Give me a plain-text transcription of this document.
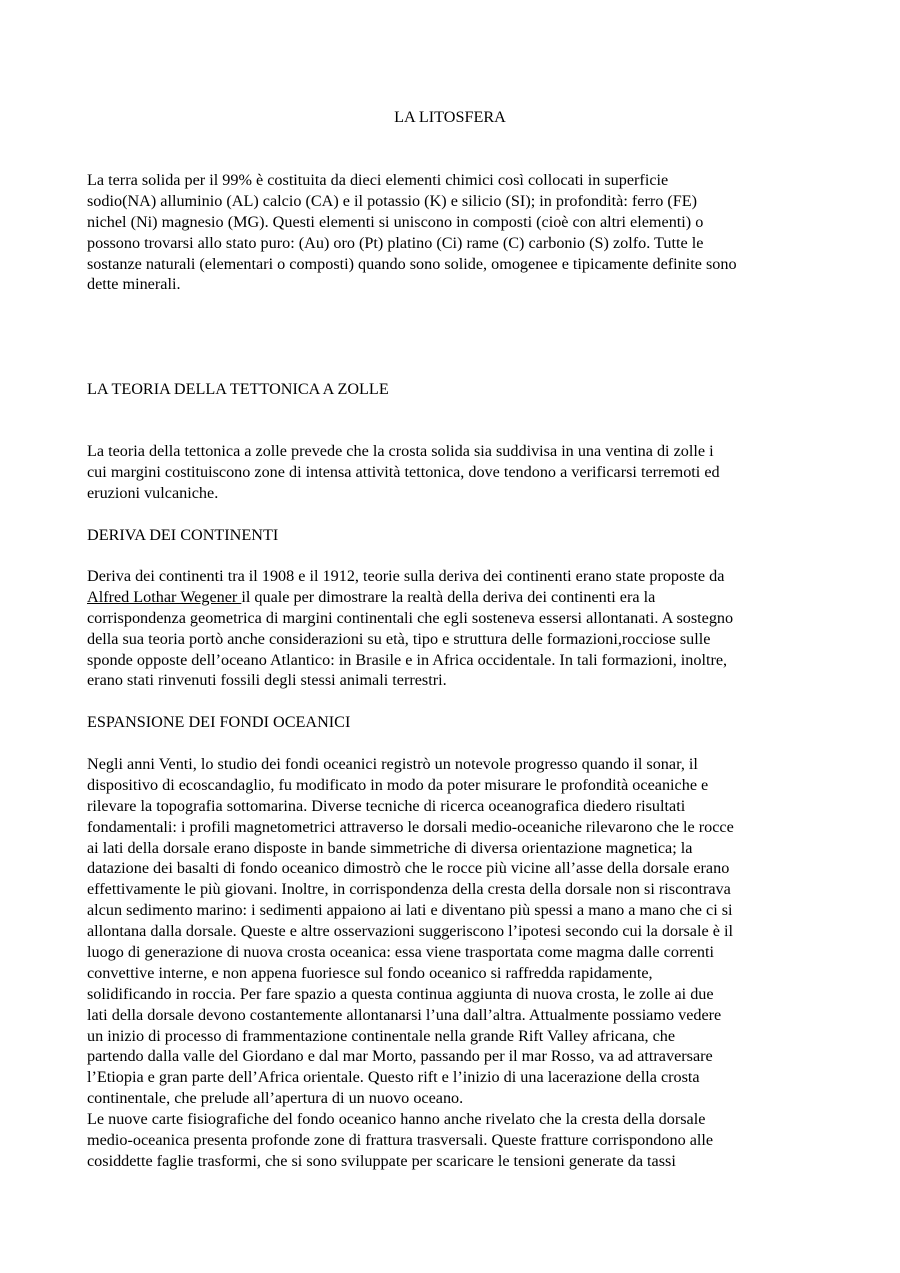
LA LITOSFERA

La terra solida per il 99% è costituita da dieci elementi chimici così collocati in superficie
sodio(NA) alluminio (AL) calcio (CA) e il potassio (K) e silicio (SI); in profondità: ferro (FE)
nichel (Ni) magnesio (MG). Questi elementi si uniscono in composti (cioè con altri elementi) o
possono trovarsi allo stato puro: (Au) oro (Pt) platino (Ci) rame (C) carbonio (S) zolfo. Tutte le
sostanze naturali (elementari o composti) quando sono solide, omogenee e tipicamente definite sono
dette minerali.

LA TEORIA DELLA TETTONICA A ZOLLE

La teoria della tettonica a zolle prevede che la crosta solida sia suddivisa in una ventina di zolle i
cui margini costituiscono zone di intensa attività tettonica, dove tendono a verificarsi terremoti ed
eruzioni vulcaniche.

DERIVA DEI CONTINENTI

Deriva dei continenti tra il 1908 e il 1912, teorie sulla deriva dei continenti erano state proposte da
Alfred Lothar Wegener il quale per dimostrare la realtà della deriva dei continenti era la
corrispondenza geometrica di margini continentali che egli sosteneva essersi allontanati. A sostegno
della sua teoria portò anche considerazioni su età, tipo e struttura delle formazioni,rocciose sulle
sponde opposte dell’oceano Atlantico: in Brasile e in Africa occidentale. In tali formazioni, inoltre,
erano stati rinvenuti fossili degli stessi animali terrestri.

ESPANSIONE DEI FONDI OCEANICI

Negli anni Venti, lo studio dei fondi oceanici registrò un notevole progresso quando il sonar, il
dispositivo di ecoscandaglio, fu modificato in modo da poter misurare le profondità oceaniche e
rilevare la topografia sottomarina. Diverse tecniche di ricerca oceanografica diedero risultati
fondamentali: i profili magnetometrici attraverso le dorsali medio-oceaniche rilevarono che le rocce
ai lati della dorsale erano disposte in bande simmetriche di diversa orientazione magnetica; la
datazione dei basalti di fondo oceanico dimostrò che le rocce più vicine all’asse della dorsale erano
effettivamente le più giovani. Inoltre, in corrispondenza della cresta della dorsale non si riscontrava
alcun sedimento marino: i sedimenti appaiono ai lati e diventano più spessi a mano a mano che ci si
allontana dalla dorsale. Queste e altre osservazioni suggeriscono l’ipotesi secondo cui la dorsale è il
luogo di generazione di nuova crosta oceanica: essa viene trasportata come magma dalle correnti
convettive interne, e non appena fuoriesce sul fondo oceanico si raffredda rapidamente,
solidificando in roccia. Per fare spazio a questa continua aggiunta di nuova crosta, le zolle ai due
lati della dorsale devono costantemente allontanarsi l’una dall’altra. Attualmente possiamo vedere
un inizio di processo di frammentazione continentale nella grande Rift Valley africana, che
partendo dalla valle del Giordano e dal mar Morto, passando per il mar Rosso, va ad attraversare
l’Etiopia e gran parte dell’Africa orientale. Questo rift e l’inizio di una lacerazione della crosta
continentale, che prelude all’apertura di un nuovo oceano.
Le nuove carte fisiografiche del fondo oceanico hanno anche rivelato che la cresta della dorsale
medio-oceanica presenta profonde zone di frattura trasversali. Queste fratture corrispondono alle
cosiddette faglie trasformi, che si sono sviluppate per scaricare le tensioni generate da tassi
